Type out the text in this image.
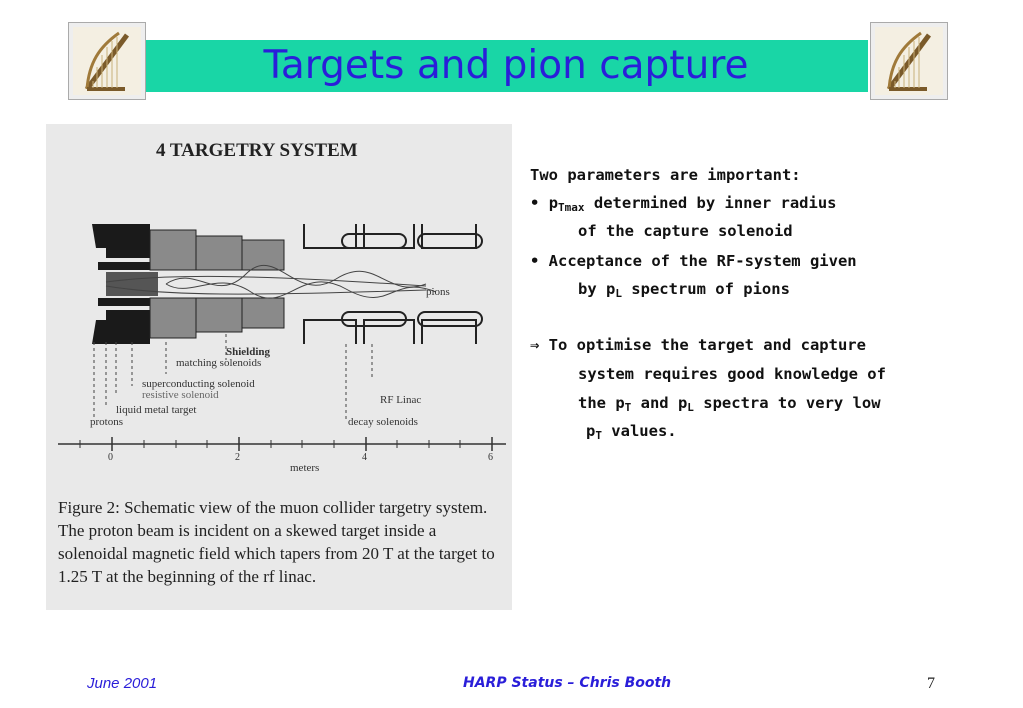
Targets and pion capture
4 TARGETRY SYSTEM
pions
Shielding
matching solenoids
superconducting solenoid
resistive solenoid
liquid metal target
protons
RF Linac
decay solenoids
0	2	4	6
meters
Figure 2: Schematic view of the muon collider targetry system. The proton beam is incident on a skewed target inside a solenoidal magnetic field which tapers from 20 T at the target to 1.25 T at the beginning of the rf linac.
Two parameters are important:
• $p_{Tmax}$ determined by inner radius
of the capture solenoid
• Acceptance of the RF-system given
by $p_L$ spectrum of pions
⇒ To optimise the target and capture
system requires good knowledge of
the $p_T$ and $p_L$ spectra to very low
$p_T$ values.
June 2001	HARP Status – Chris Booth	7
